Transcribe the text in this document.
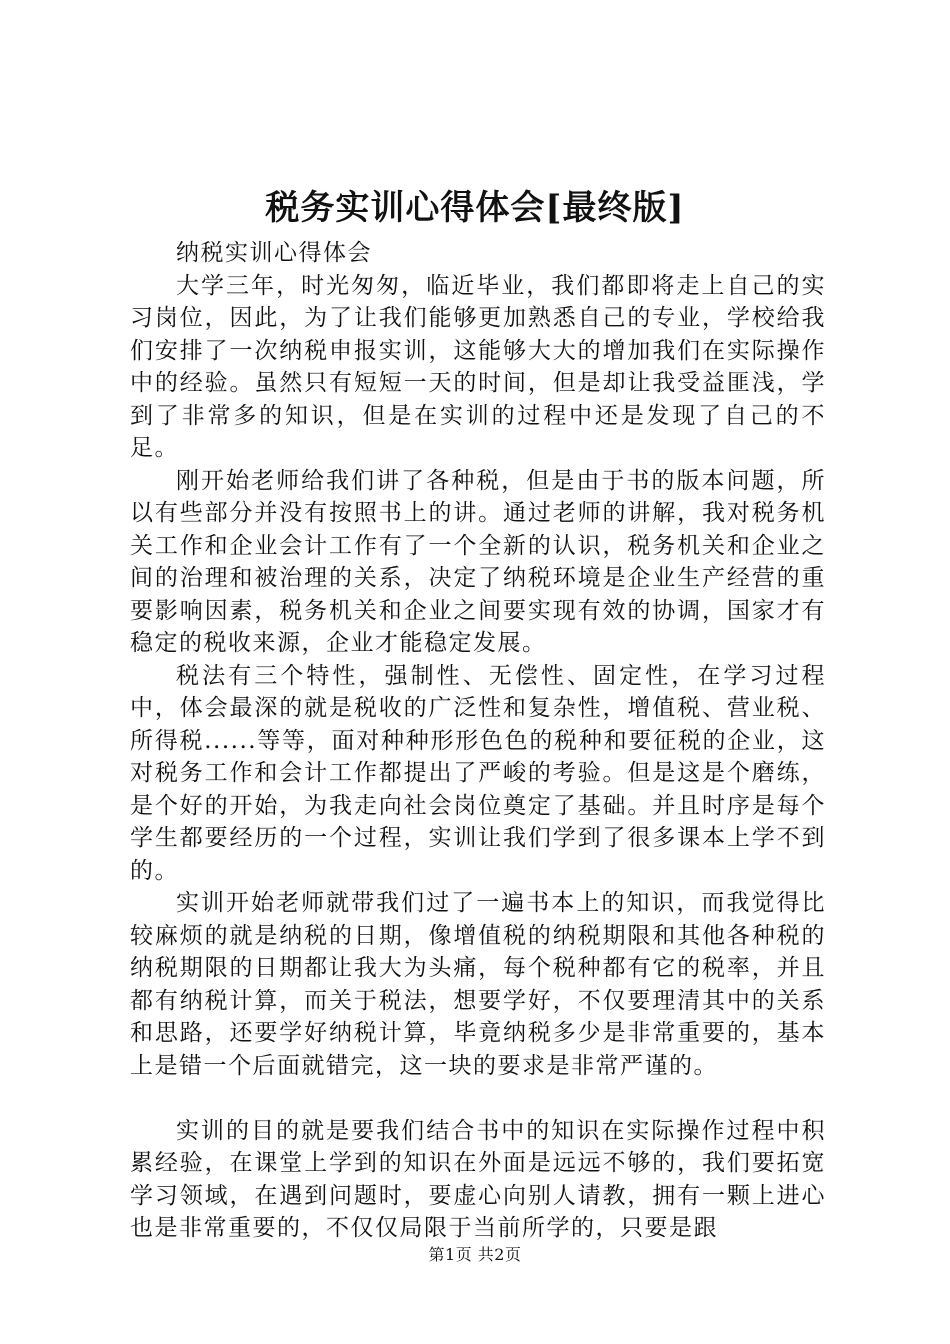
税务实训心得体会[最终版]

纳税实训心得体会

大学三年，时光匆匆，临近毕业，我们都即将走上自己的实习岗位，因此，为了让我们能够更加熟悉自己的专业，学校给我们安排了一次纳税申报实训，这能够大大的增加我们在实际操作中的经验。虽然只有短短一天的时间，但是却让我受益匪浅，学到了非常多的知识，但是在实训的过程中还是发现了自己的不足。

刚开始老师给我们讲了各种税，但是由于书的版本问题，所以有些部分并没有按照书上的讲。通过老师的讲解，我对税务机关工作和企业会计工作有了一个全新的认识，税务机关和企业之间的治理和被治理的关系，决定了纳税环境是企业生产经营的重要影响因素，税务机关和企业之间要实现有效的协调，国家才有稳定的税收来源，企业才能稳定发展。

税法有三个特性，强制性、无偿性、固定性，在学习过程中，体会最深的就是税收的广泛性和复杂性，增值税、营业税、所得税......等等，面对种种形形色色的税种和要征税的企业，这对税务工作和会计工作都提出了严峻的考验。但是这是个磨练，是个好的开始，为我走向社会岗位奠定了基础。并且时序是每个学生都要经历的一个过程，实训让我们学到了很多课本上学不到的。

实训开始老师就带我们过了一遍书本上的知识，而我觉得比较麻烦的就是纳税的日期，像增值税的纳税期限和其他各种税的纳税期限的日期都让我大为头痛，每个税种都有它的税率，并且都有纳税计算，而关于税法，想要学好，不仅要理清其中的关系和思路，还要学好纳税计算，毕竟纳税多少是非常重要的，基本上是错一个后面就错完，这一块的要求是非常严谨的。

实训的目的就是要我们结合书中的知识在实际操作过程中积累经验，在课堂上学到的知识在外面是远远不够的，我们要拓宽学习领域，在遇到问题时，要虚心向别人请教，拥有一颗上进心也是非常重要的，不仅仅局限于当前所学的，只要是跟

第1页 共2页
